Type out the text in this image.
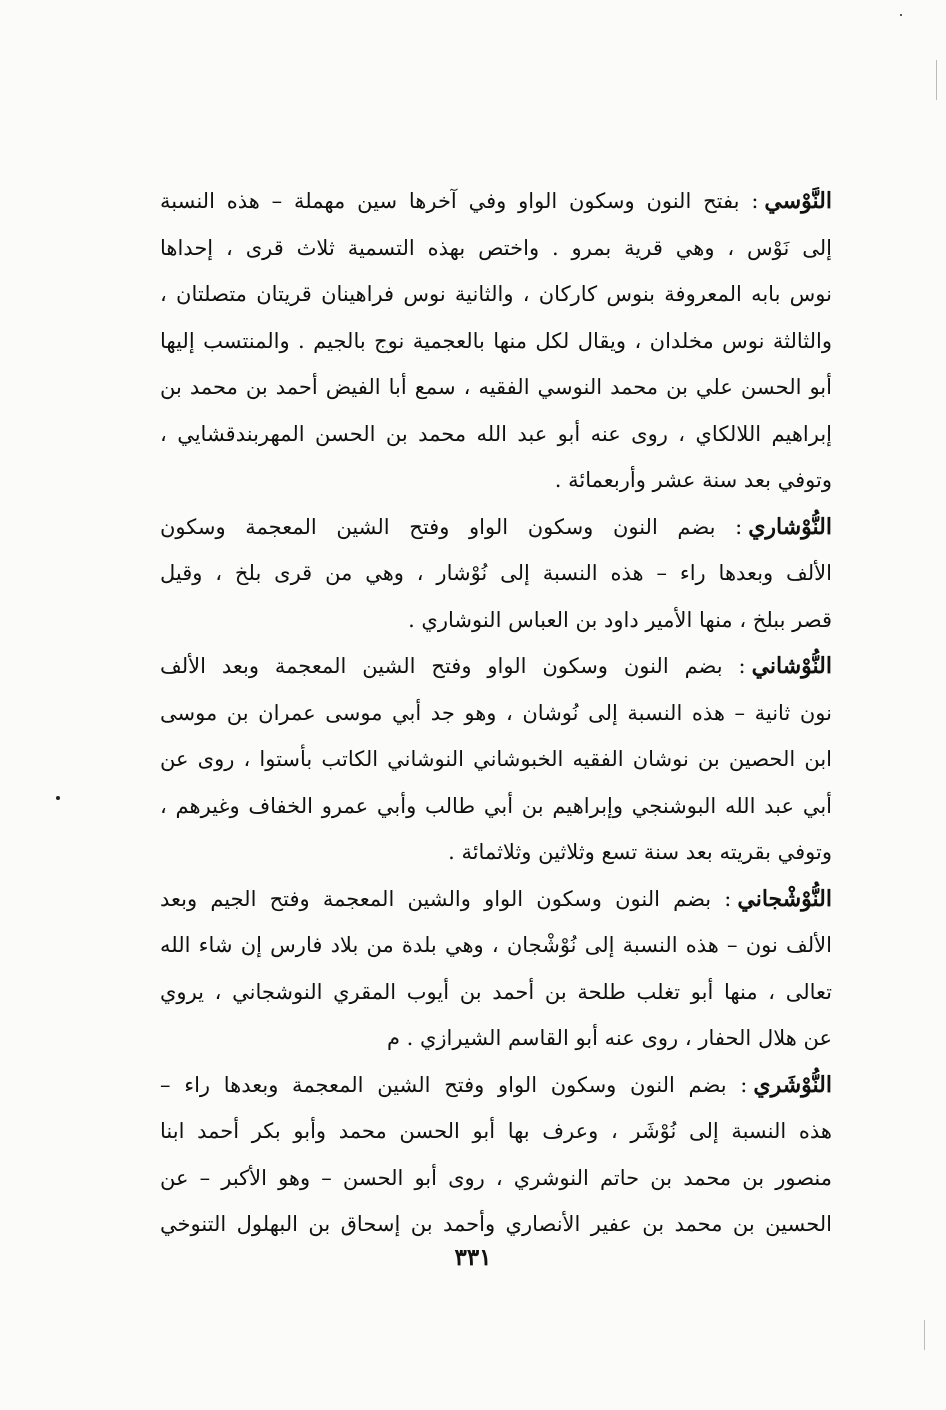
النَّوْسي: بفتح النون وسكون الواو وفي آخرها سين مهملة – هذه النسبة
إلى نَوْس ، وهي قرية بمرو . واختص بهذه التسمية ثلاث قرى ، إحداها
نوس بابه المعروفة بنوس كاركان ، والثانية نوس فراهينان قريتان متصلتان ،
والثالثة نوس مخلدان ، ويقال لكل منها بالعجمية نوج بالجيم . والمنتسب إليها
أبو الحسن علي بن محمد النوسي الفقيه ، سمع أبا الفيض أحمد بن محمد بن
إبراهيم اللالكاي ، روى عنه أبو عبد الله محمد بن الحسن المهربندقشايي ،
وتوفي بعد سنة عشر وأربعمائة .
النُّوْشاري: بضم النون وسكون الواو وفتح الشين المعجمة وسكون
الألف وبعدها راء – هذه النسبة إلى نُوْشار ، وهي من قرى بلخ ، وقيل
قصر ببلخ ، منها الأمير داود بن العباس النوشاري .
النُّوْشاني: بضم النون وسكون الواو وفتح الشين المعجمة وبعد الألف
نون ثانية – هذه النسبة إلى نُوشان ، وهو جد أبي موسى عمران بن موسى
ابن الحصين بن نوشان الفقيه الخبوشاني النوشاني الكاتب بأستوا ، روى عن
أبي عبد الله البوشنجي وإبراهيم بن أبي طالب وأبي عمرو الخفاف وغيرهم ،
وتوفي بقريته بعد سنة تسع وثلاثين وثلاثمائة .
النُّوْشْجاني: بضم النون وسكون الواو والشين المعجمة وفتح الجيم وبعد
الألف نون – هذه النسبة إلى نُوْشْجان ، وهي بلدة من بلاد فارس إن شاء الله
تعالى ، منها أبو تغلب طلحة بن أحمد بن أيوب المقري النوشجاني ، يروي
عن هلال الحفار ، روى عنه أبو القاسم الشيرازي . م
النُّوْشَري: بضم النون وسكون الواو وفتح الشين المعجمة وبعدها راء –
هذه النسبة إلى نُوْشَر ، وعرف بها أبو الحسن محمد وأبو بكر أحمد ابنا
منصور بن محمد بن حاتم النوشري ، روى أبو الحسن – وهو الأكبر – عن
الحسين بن محمد بن عفير الأنصاري وأحمد بن إسحاق بن البهلول التنوخي
٣٣١
